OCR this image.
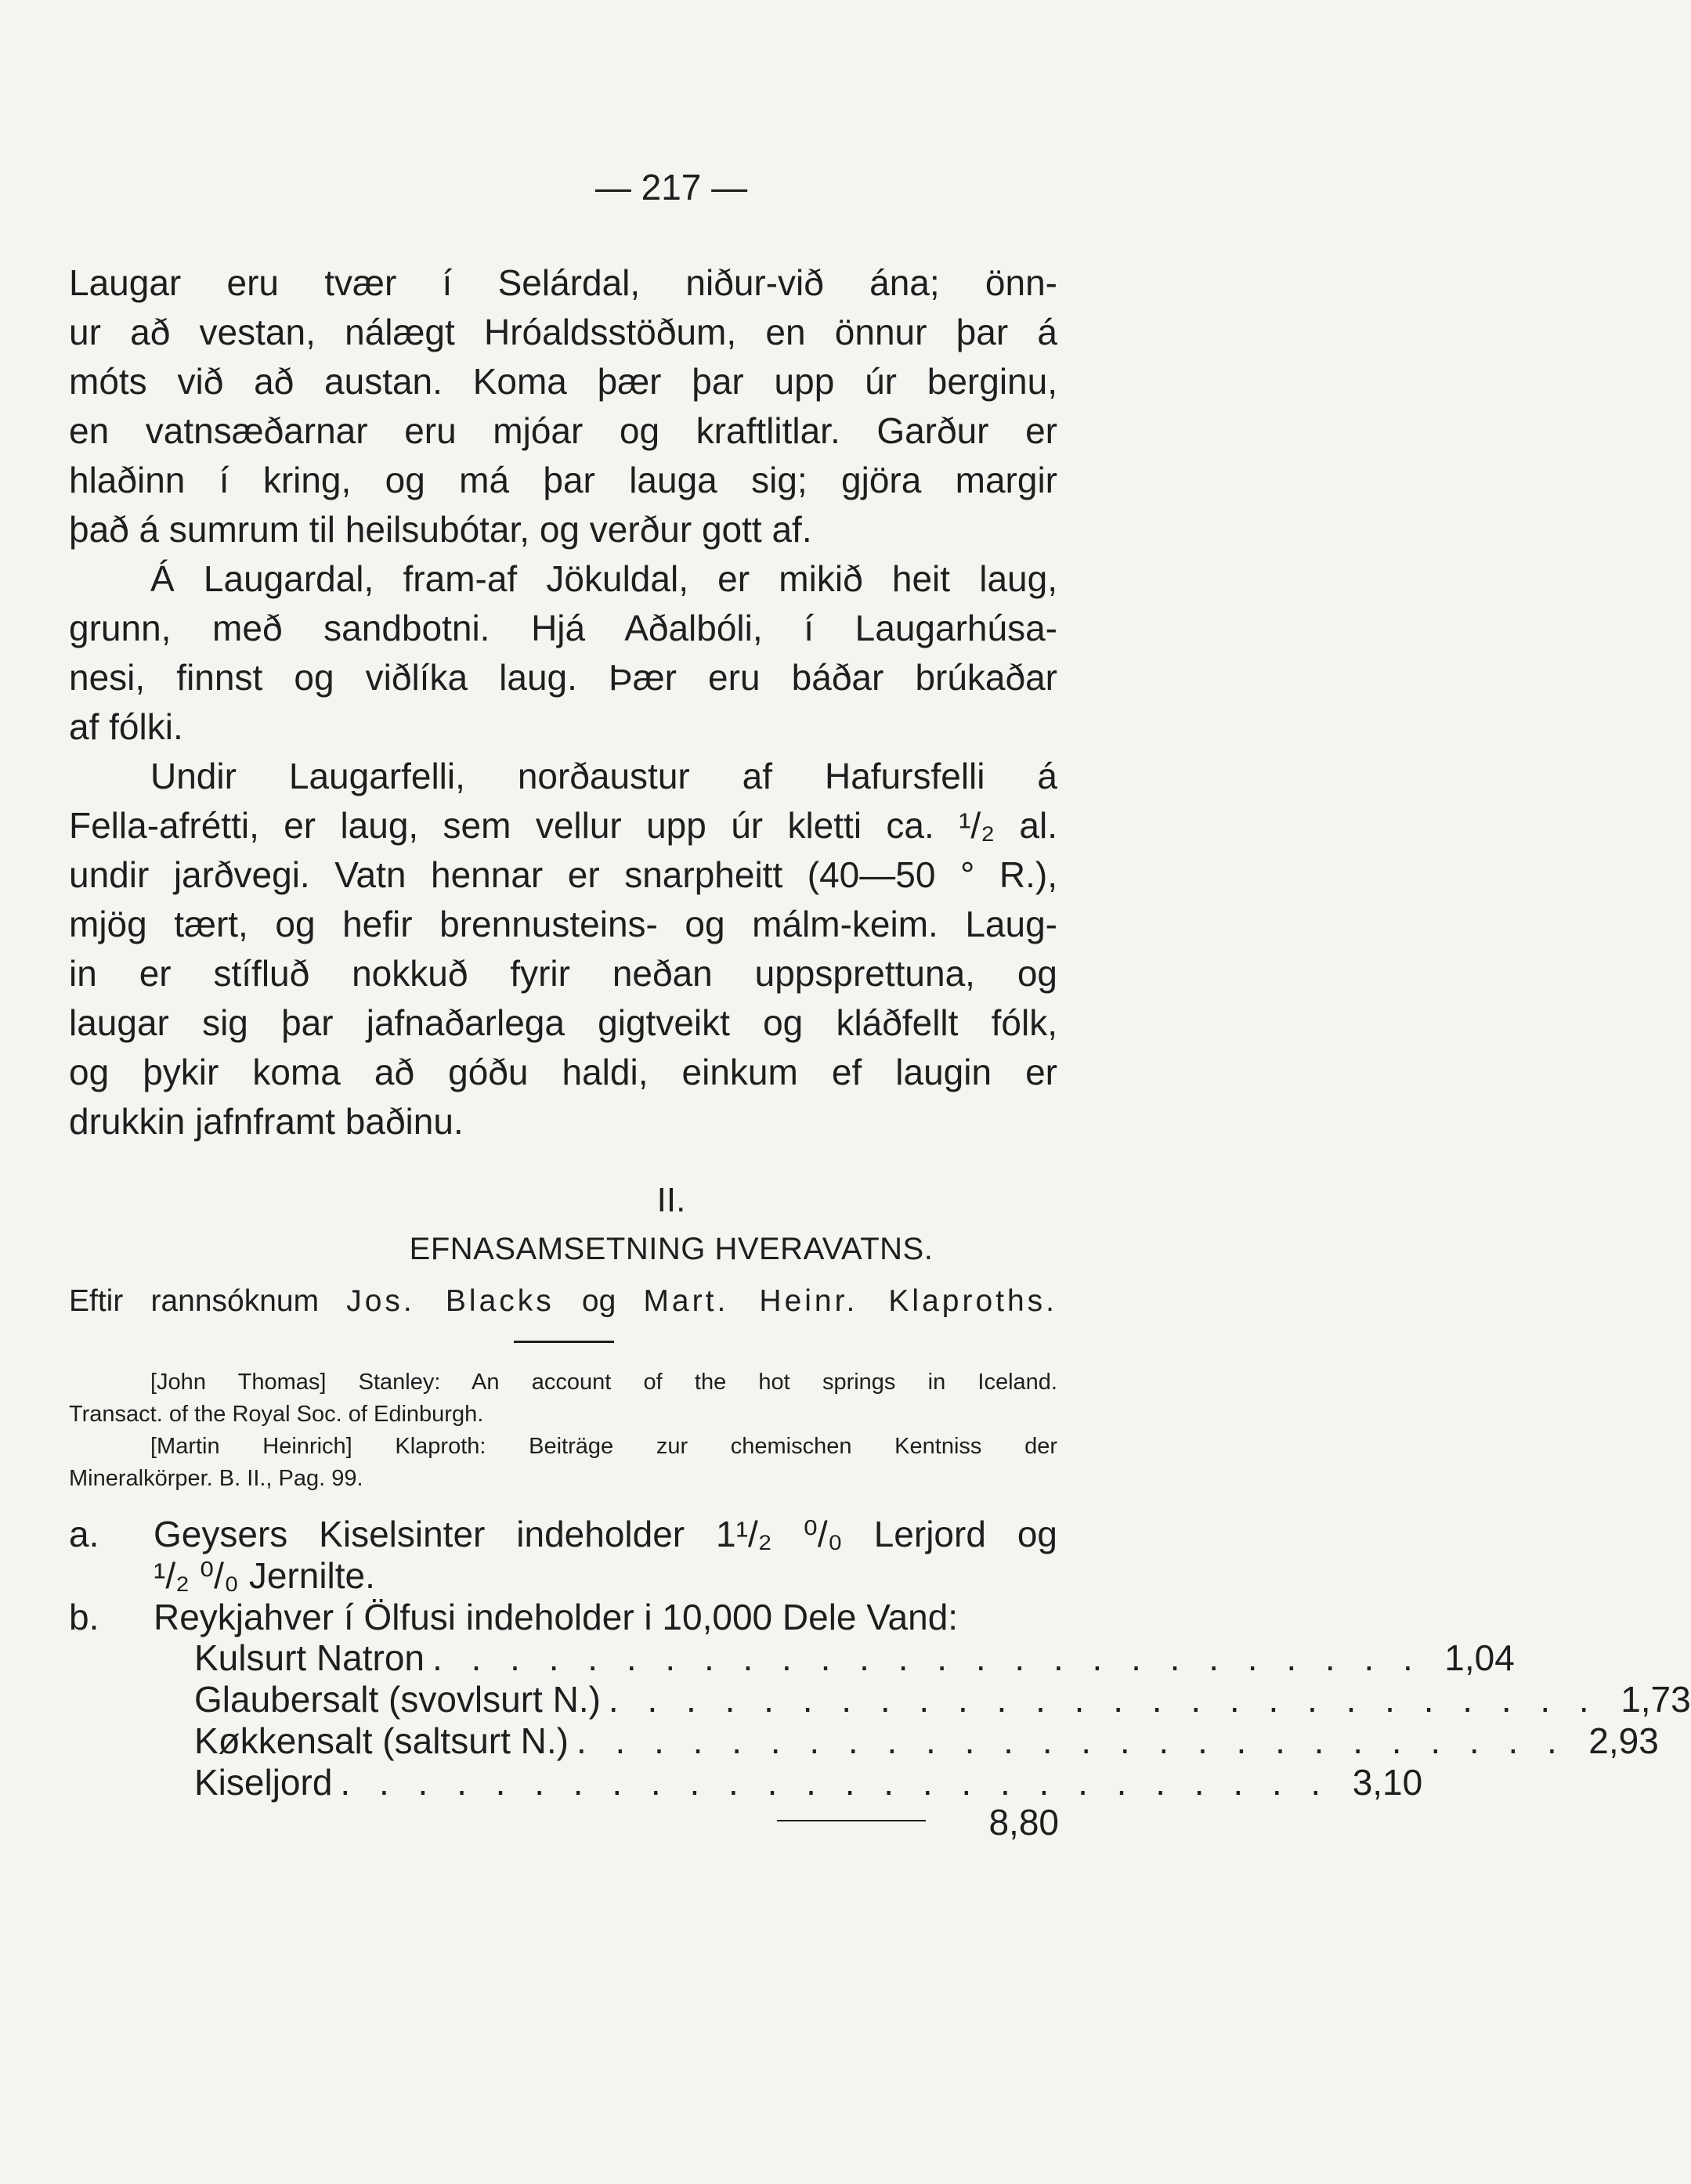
— 217 —

Laugar eru tvær í Selárdal, niður-við ána; önn-
ur að vestan, nálægt Hróaldsstöðum, en önnur þar á
móts við að austan. Koma þær þar upp úr berginu,
en vatnsæðarnar eru mjóar og kraftlitlar. Garður er
hlaðinn í kring, og má þar lauga sig; gjöra margir
það á sumrum til heilsubótar, og verður gott af.

Á Laugardal, fram-af Jökuldal, er mikið heit laug,
grunn, með sandbotni. Hjá Aðalbóli, í Laugarhúsa-
nesi, finnst og viðlíka laug. Þær eru báðar brúkaðar
af fólki.

Undir Laugarfelli, norðaustur af Hafursfelli á
Fella-afrétti, er laug, sem vellur upp úr kletti ca. ¹/₂ al.
undir jarðvegi. Vatn hennar er snarpheitt (40—50 ° R.),
mjög tært, og hefir brennusteins- og málm-keim. Laug-
in er stífluð nokkuð fyrir neðan uppsprettuna, og
laugar sig þar jafnaðarlega gigtveikt og kláðfellt fólk,
og þykir koma að góðu haldi, einkum ef laugin er
drukkin jafnframt baðinu.

II.
EFNASAMSETNING HVERAVATNS.
Eftir rannsóknum Jos. Blacks og Mart. Heinr. Klaproths.
[John Thomas] Stanley: An account of the hot springs in Iceland.
Transact. of the Royal Soc. of Edinburgh.
[Martin Heinrich] Klaproth: Beiträge zur chemischen Kentniss der
Mineralkörper. B. II., Pag. 99.
a.	Geysers Kiselsinter indeholder 1¹/₂ ⁰/₀ Lerjord og
¹/₂ ⁰/₀ Jernilte.
b.	Reykjahver í Ölfusi indeholder i 10,000 Dele Vand:
Kulsurt Natron . . . . . . . . . . . . . . . . . . . . . . . . . . 1,04
Glaubersalt (svovlsurt N.) . . . . . . . . . . . . . . . . . . . . . . . . . . 1,73
Køkkensalt (saltsurt N.) . . . . . . . . . . . . . . . . . . . . . . . . . . 2,93
Kiseljord . . . . . . . . . . . . . . . . . . . . . . . . . . 3,10
8,80
